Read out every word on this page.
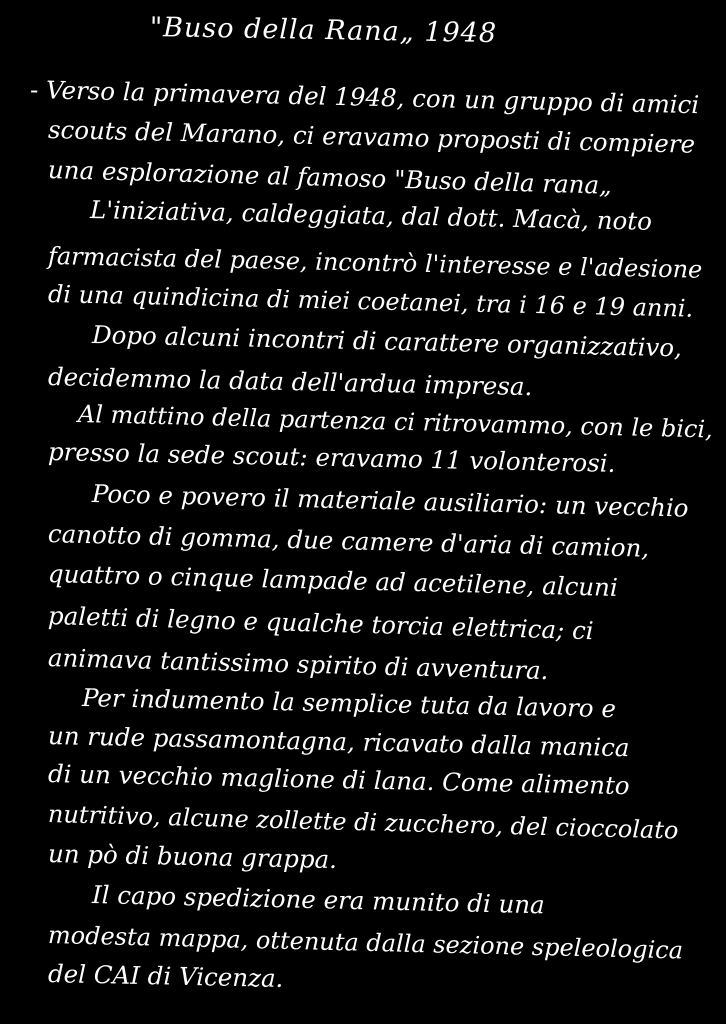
"Buso della Rana„ 1948
- Verso la primavera del 1948, con un gruppo di amici
scouts del Marano, ci eravamo proposti di compiere
una esplorazione al famoso "Buso della rana„
L'iniziativa, caldeggiata, dal dott. Macà, noto
farmacista del paese, incontrò l'interesse e l'adesione
di una quindicina di miei coetanei, tra i 16 e 19 anni.
Dopo alcuni incontri di carattere organizzativo,
decidemmo la data dell'ardua impresa.
Al mattino della partenza ci ritrovammo, con le bici,
presso la sede scout: eravamo 11 volonterosi.
Poco e povero il materiale ausiliario: un vecchio
canotto di gomma, due camere d'aria di camion,
quattro o cinque lampade ad acetilene, alcuni
paletti di legno e qualche torcia elettrica; ci
animava tantissimo spirito di avventura.
Per indumento la semplice tuta da lavoro e
un rude passamontagna, ricavato dalla manica
di un vecchio maglione di lana. Come alimento
nutritivo, alcune zollette di zucchero, del cioccolato
un pò di buona grappa.
Il capo spedizione era munito di una
modesta mappa, ottenuta dalla sezione speleologica
del CAI di Vicenza.
